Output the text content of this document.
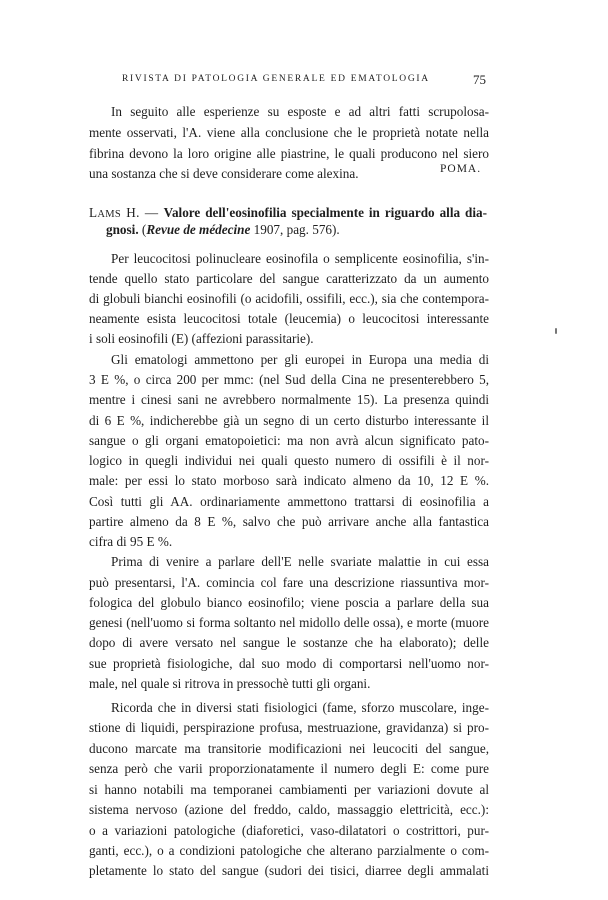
RIVISTA DI PATOLOGIA GENERALE ED EMATOLOGIA	75
In seguito alle esperienze su esposte e ad altri fatti scrupolosa-
mente osservati, l'A. viene alla conclusione che le proprietà notate nella
fibrina devono la loro origine alle piastrine, le quali producono nel siero
una sostanza che si deve considerare come alexina.	POMA.
LAMS H. — Valore dell'eosinofilia specialmente in riguardo alla dia-
gnosi. (Revue de médecine 1907, pag. 576).
Per leucocitosi polinucleare eosinofila o semplicente eosinofilia, s'in-
tende quello stato particolare del sangue caratterizzato da un aumento
di globuli bianchi eosinofili (o acidofili, ossifili, ecc.), sia che contempora-
neamente esista leucocitosi totale (leucemia) o leucocitosi interessante
i soli eosinofili (E) (affezioni parassitarie).
Gli ematologi ammettono per gli europei in Europa una media di
3 E %, o circa 200 per mmc: (nel Sud della Cina ne presenterebbero 5,
mentre i cinesi sani ne avrebbero normalmente 15). La presenza quindi
di 6 E %, indicherebbe già un segno di un certo disturbo interessante il
sangue o gli organi ematopoietici: ma non avrà alcun significato pato-
logico in quegli individui nei quali questo numero di ossifili è il nor-
male: per essi lo stato morboso sarà indicato almeno da 10, 12 E %.
Così tutti gli AA. ordinariamente ammettono trattarsi di eosinofilia a
partire almeno da 8 E %, salvo che può arrivare anche alla fantastica
cifra di 95 E %.
Prima di venire a parlare dell'E nelle svariate malattie in cui essa
può presentarsi, l'A. comincia col fare una descrizione riassuntiva mor-
fologica del globulo bianco eosinofilo; viene poscia a parlare della sua
genesi (nell'uomo si forma soltanto nel midollo delle ossa), e morte (muore
dopo di avere versato nel sangue le sostanze che ha elaborato); delle
sue proprietà fisiologiche, dal suo modo di comportarsi nell'uomo nor-
male, nel quale si ritrova in pressochè tutti gli organi.
Ricorda che in diversi stati fisiologici (fame, sforzo muscolare, inge-
stione di liquidi, perspirazione profusa, mestruazione, gravidanza) si pro-
ducono marcate ma transitorie modificazioni nei leucociti del sangue,
senza però che varii proporzionatamente il numero degli E: come pure
si hanno notabili ma temporanei cambiamenti per variazioni dovute al
sistema nervoso (azione del freddo, caldo, massaggio elettricità, ecc.):
o a variazioni patologiche (diaforetici, vaso-dilatatori o costrittori, pur-
ganti, ecc.), o a condizioni patologiche che alterano parzialmente o com-
pletamente lo stato del sangue (sudori dei tisici, diarree degli ammalati
